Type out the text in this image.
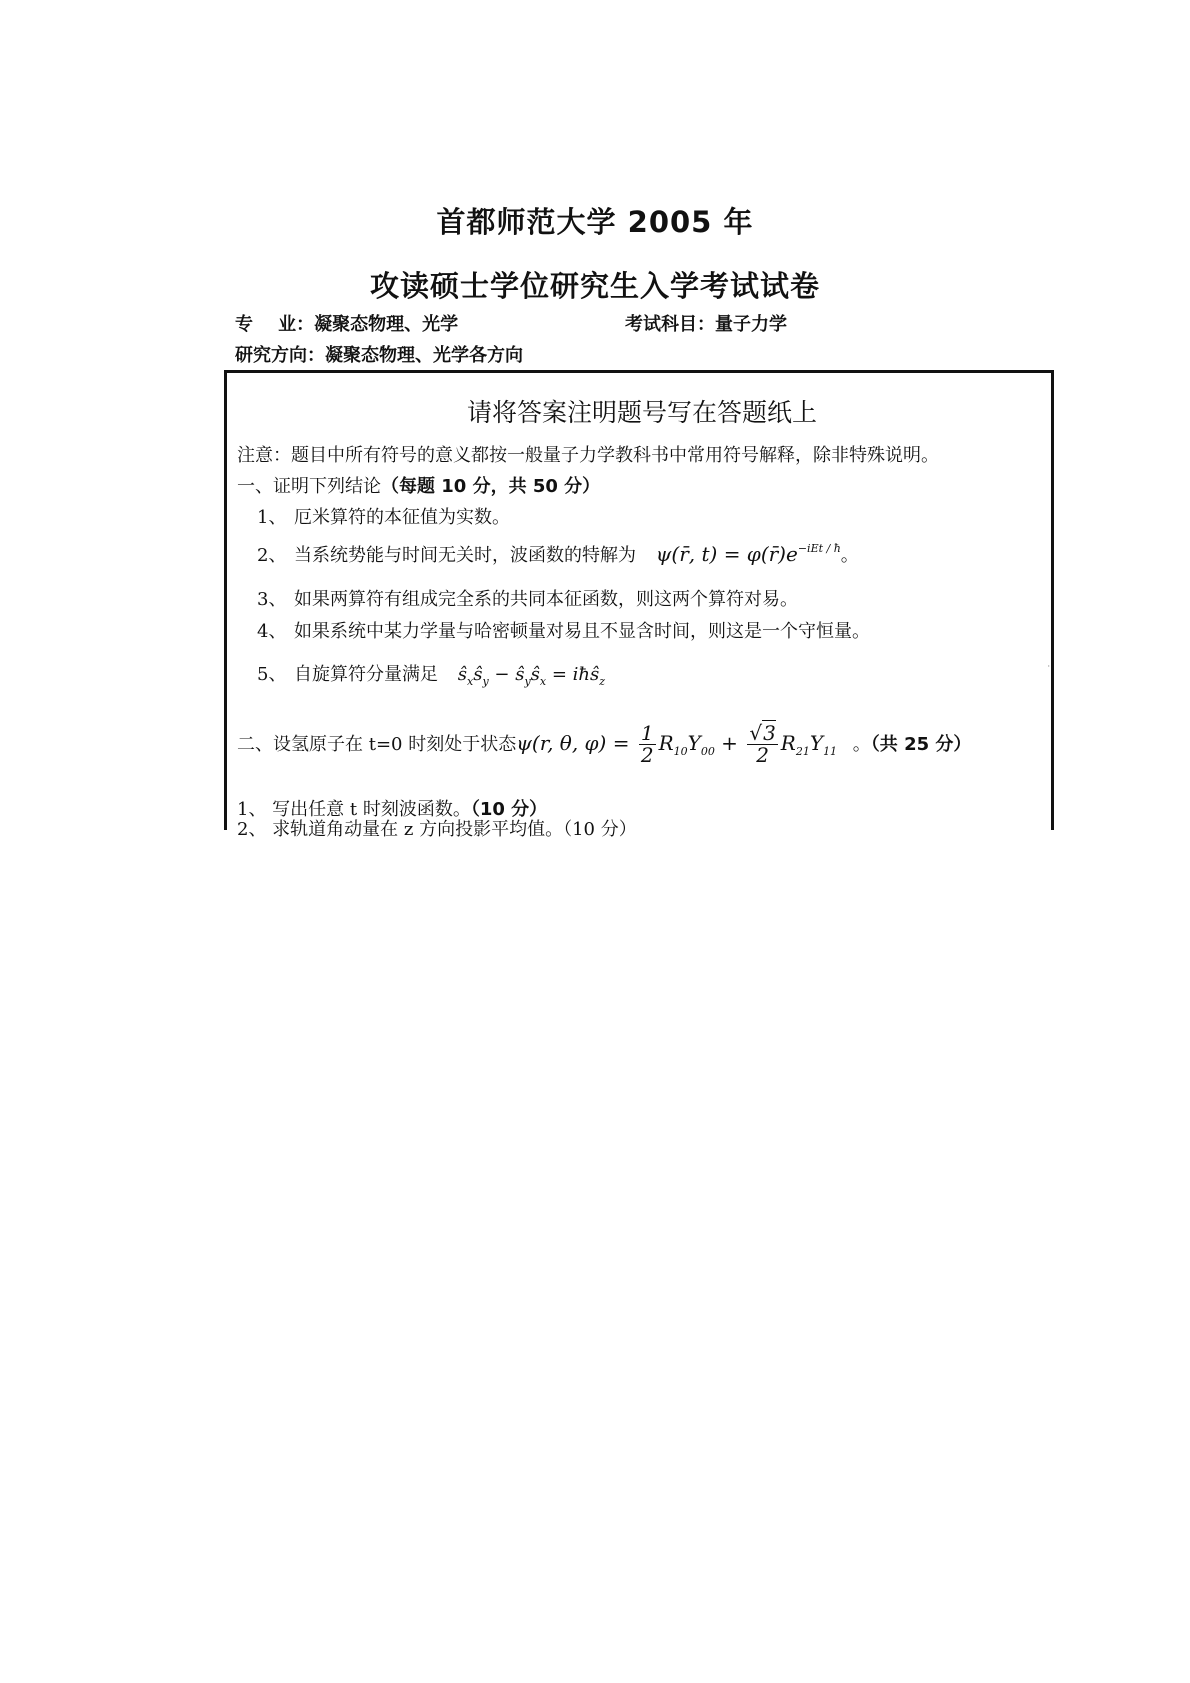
首都师范大学 2005 年
攻读硕士学位研究生入学考试试卷
专    业：凝聚态物理、光学	考试科目：量子力学
研究方向：凝聚态物理、光学各方向
请将答案注明题号写在答题纸上
注意：题目中所有符号的意义都按一般量子力学教科书中常用符号解释，除非特殊说明。
一、证明下列结论（每题 10 分，共 50 分）
1、 厄米算符的本征值为实数。
2、 当系统势能与时间无关时，波函数的特解为 ψ(r̄, $t) = \varphi(r̄)e^{-iEt / ħ}$。
3、 如果两算符有组成完全系的共同本征函数，则这两个算符对易。
4、 如果系统中某力学量与哈密顿量对易且不显含时间，则这是一个守恒量。
5、 自旋算符分量满足 $ŝ_xŝ_y$ − $ŝ_yŝ_x$ = iħŝ$_z$
二、设氢原子在 t=0 时刻处于状态ψ(r, θ, $\varphi) = \frac{1}{2} R_{10}Y_{00} + \frac{√3}{2} R_{21}Y_{11}$ 。（共 25 分）
1、 写出任意 t 时刻波函数。（10 分）
2、 求轨道角动量在 z 方向投影平均值。（10 分）
·
